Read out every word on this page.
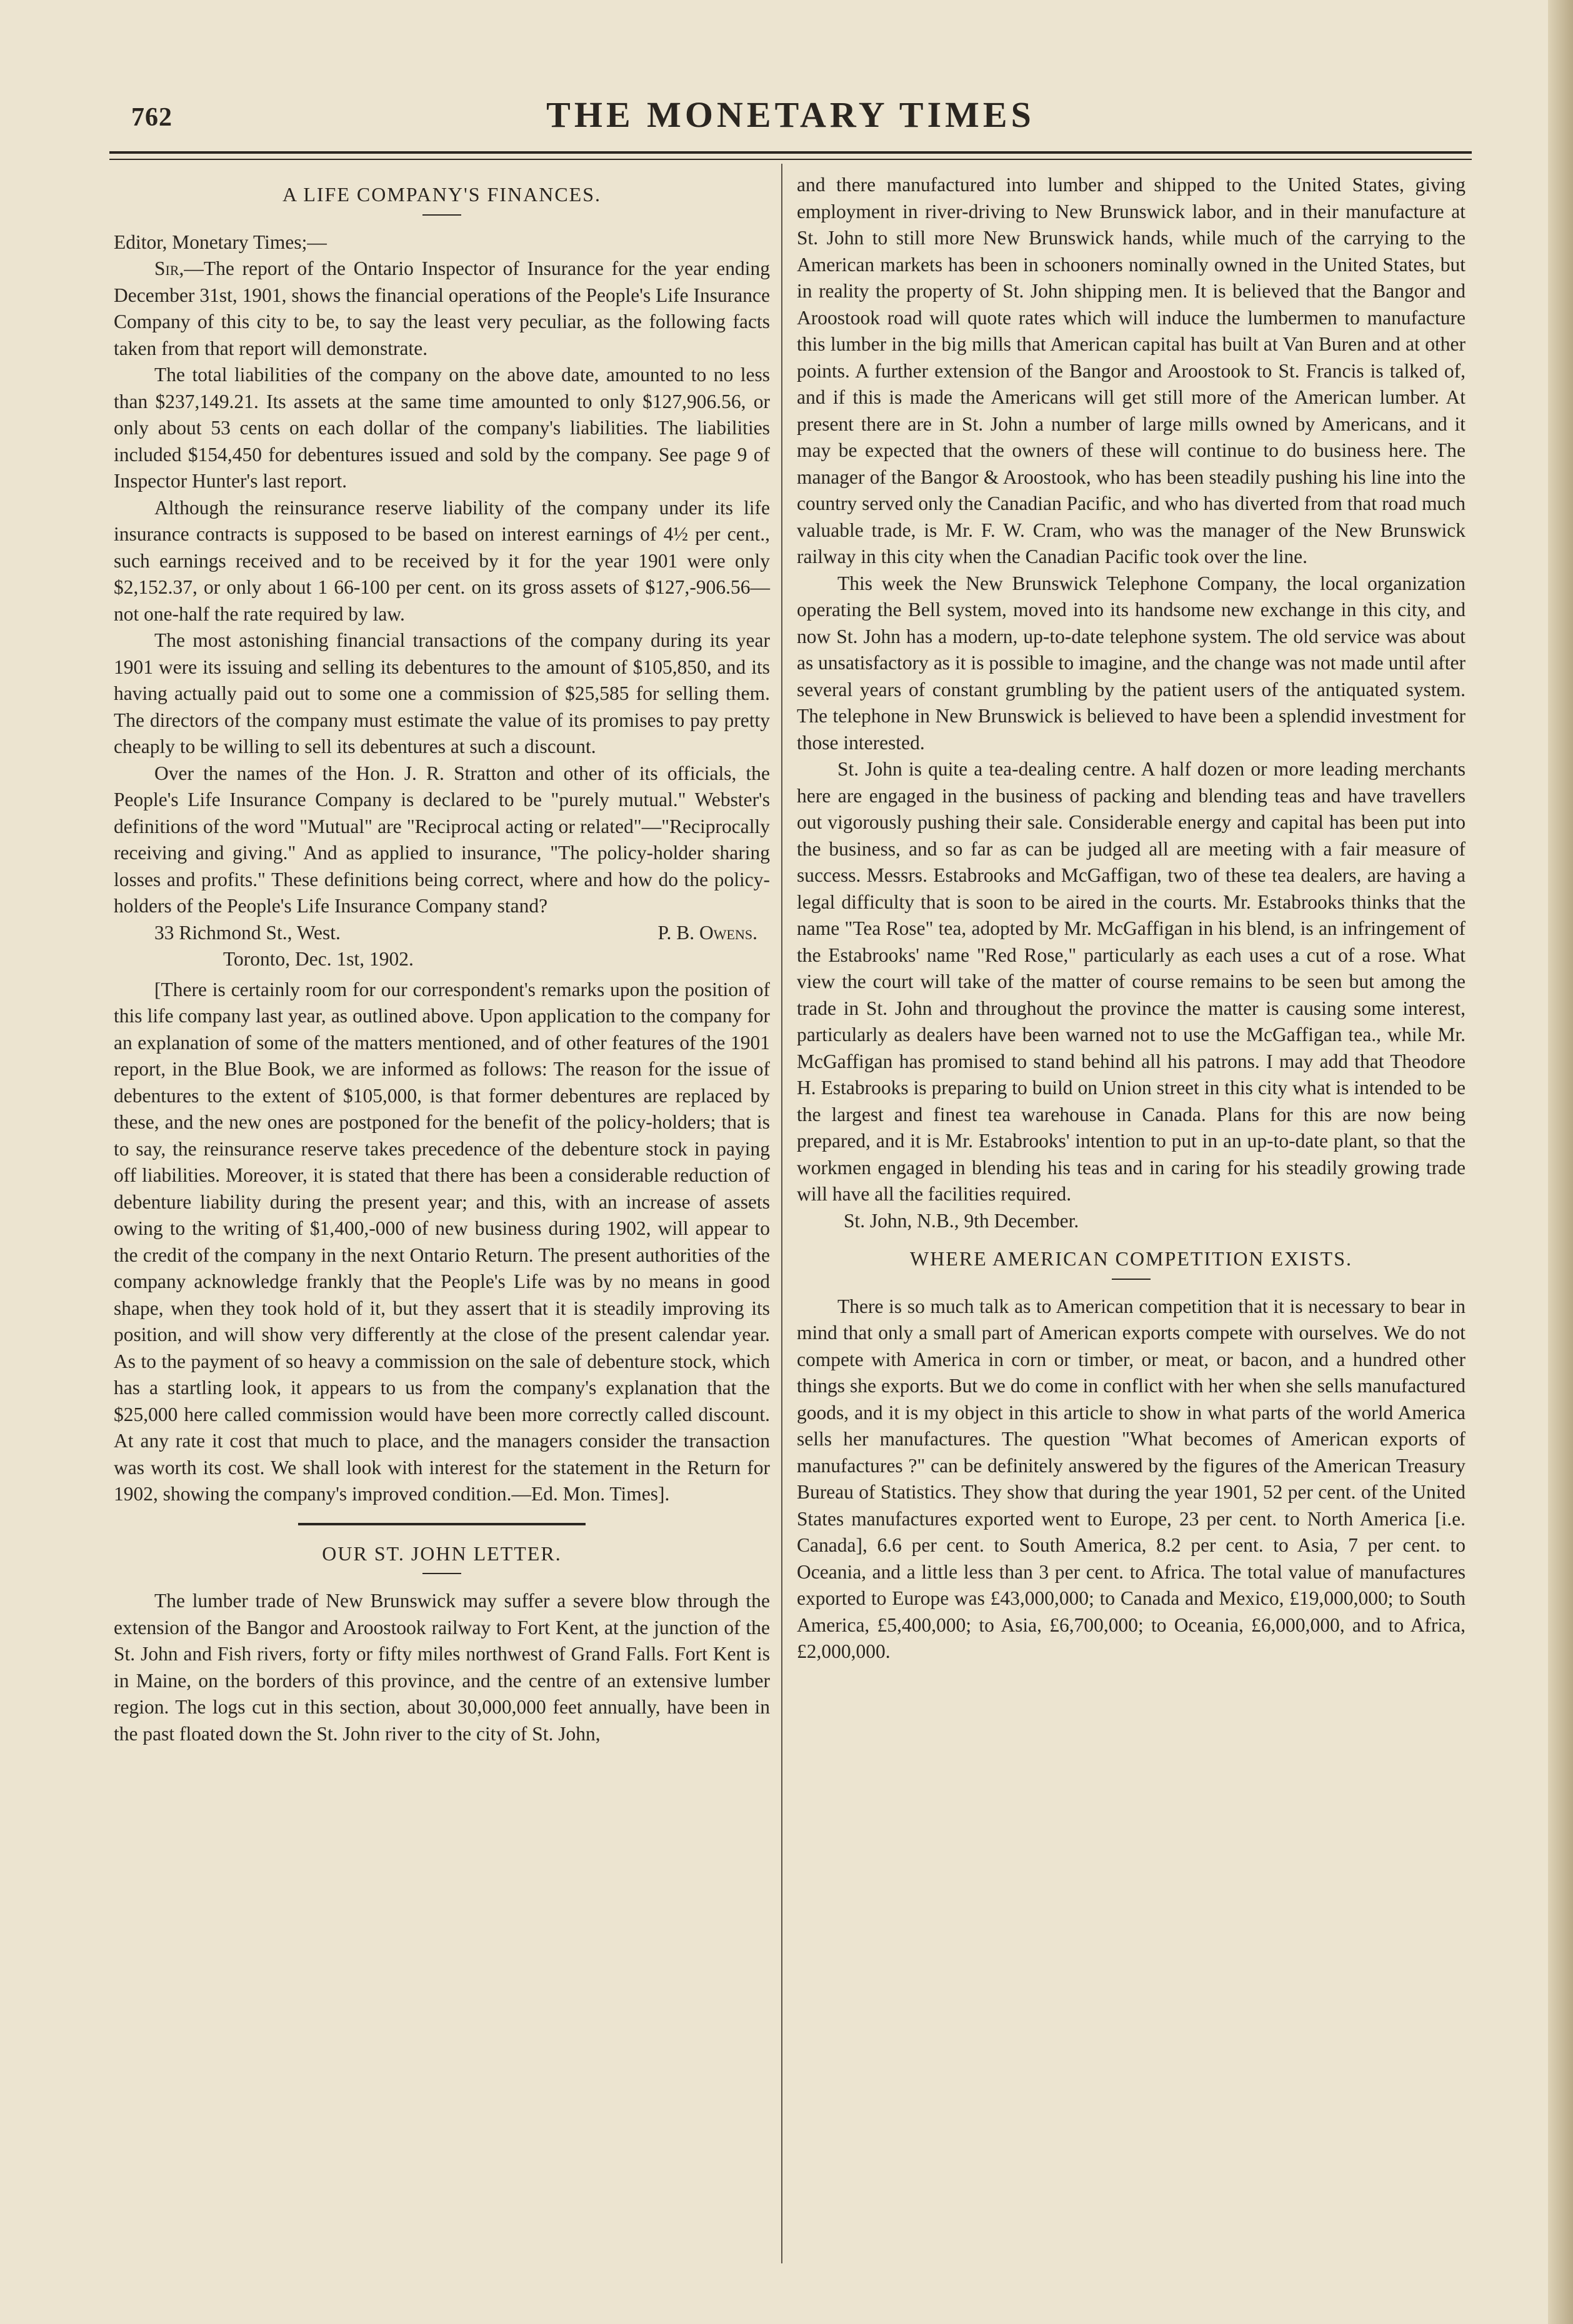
762	THE MONETARY TIMES
A LIFE COMPANY'S FINANCES.

Editor, Monetary Times;—

Sir,—The report of the Ontario Inspector of Insurance for the year ending December 31st, 1901, shows the financial operations of the People's Life Insurance Company of this city to be, to say the least very peculiar, as the following facts taken from that report will demonstrate.

The total liabilities of the company on the above date, amounted to no less than $237,149.21. Its assets at the same time amounted to only $127,906.56, or only about 53 cents on each dollar of the company's liabilities. The liabilities included $154,450 for debentures issued and sold by the company. See page 9 of Inspector Hunter's last report.

Although the reinsurance reserve liability of the company under its life insurance contracts is supposed to be based on interest earnings of 4½ per cent., such earnings received and to be received by it for the year 1901 were only $2,152.37, or only about 1 66-100 per cent. on its gross assets of $127,-906.56—not one-half the rate required by law.

The most astonishing financial transactions of the company during its year 1901 were its issuing and selling its debentures to the amount of $105,850, and its having actually paid out to some one a commission of $25,585 for selling them. The directors of the company must estimate the value of its promises to pay pretty cheaply to be willing to sell its debentures at such a discount.

Over the names of the Hon. J. R. Stratton and other of its officials, the People's Life Insurance Company is declared to be "purely mutual." Webster's definitions of the word "Mutual" are "Reciprocal acting or related"—"Reciprocally receiving and giving." And as applied to insurance, "The policy-holder sharing losses and profits." These definitions being correct, where and how do the policy-holders of the People's Life Insurance Company stand?

33 Richmond St., West.	P. B. Owens.

Toronto, Dec. 1st, 1902.

[There is certainly room for our correspondent's remarks upon the position of this life company last year, as outlined above. Upon application to the company for an explanation of some of the matters mentioned, and of other features of the 1901 report, in the Blue Book, we are informed as follows: The reason for the issue of debentures to the extent of $105,000, is that former debentures are replaced by these, and the new ones are postponed for the benefit of the policy-holders; that is to say, the reinsurance reserve takes precedence of the debenture stock in paying off liabilities. Moreover, it is stated that there has been a considerable reduction of debenture liability during the present year; and this, with an increase of assets owing to the writing of $1,400,-000 of new business during 1902, will appear to the credit of the company in the next Ontario Return. The present authorities of the company acknowledge frankly that the People's Life was by no means in good shape, when they took hold of it, but they assert that it is steadily improving its position, and will show very differently at the close of the present calendar year. As to the payment of so heavy a commission on the sale of debenture stock, which has a startling look, it appears to us from the company's explanation that the $25,000 here called commission would have been more correctly called discount. At any rate it cost that much to place, and the managers consider the transaction was worth its cost. We shall look with interest for the statement in the Return for 1902, showing the company's improved condition.—Ed. Mon. Times].

OUR ST. JOHN LETTER.

The lumber trade of New Brunswick may suffer a severe blow through the extension of the Bangor and Aroostook railway to Fort Kent, at the junction of the St. John and Fish rivers, forty or fifty miles northwest of Grand Falls. Fort Kent is in Maine, on the borders of this province, and the centre of an extensive lumber region. The logs cut in this section, about 30,000,000 feet annually, have been in the past floated down the St. John river to the city of St. John,

and there manufactured into lumber and shipped to the United States, giving employment in river-driving to New Brunswick labor, and in their manufacture at St. John to still more New Brunswick hands, while much of the carrying to the American markets has been in schooners nominally owned in the United States, but in reality the property of St. John shipping men. It is believed that the Bangor and Aroostook road will quote rates which will induce the lumbermen to manufacture this lumber in the big mills that American capital has built at Van Buren and at other points. A further extension of the Bangor and Aroostook to St. Francis is talked of, and if this is made the Americans will get still more of the American lumber. At present there are in St. John a number of large mills owned by Americans, and it may be expected that the owners of these will continue to do business here. The manager of the Bangor & Aroostook, who has been steadily pushing his line into the country served only the Canadian Pacific, and who has diverted from that road much valuable trade, is Mr. F. W. Cram, who was the manager of the New Brunswick railway in this city when the Canadian Pacific took over the line.

This week the New Brunswick Telephone Company, the local organization operating the Bell system, moved into its handsome new exchange in this city, and now St. John has a modern, up-to-date telephone system. The old service was about as unsatisfactory as it is possible to imagine, and the change was not made until after several years of constant grumbling by the patient users of the antiquated system. The telephone in New Brunswick is believed to have been a splendid investment for those interested.

St. John is quite a tea-dealing centre. A half dozen or more leading merchants here are engaged in the business of packing and blending teas and have travellers out vigorously pushing their sale. Considerable energy and capital has been put into the business, and so far as can be judged all are meeting with a fair measure of success. Messrs. Estabrooks and McGaffigan, two of these tea dealers, are having a legal difficulty that is soon to be aired in the courts. Mr. Estabrooks thinks that the name "Tea Rose" tea, adopted by Mr. McGaffigan in his blend, is an infringement of the Estabrooks' name "Red Rose," particularly as each uses a cut of a rose. What view the court will take of the matter of course remains to be seen but among the trade in St. John and throughout the province the matter is causing some interest, particularly as dealers have been warned not to use the McGaffigan tea., while Mr. McGaffigan has promised to stand behind all his patrons. I may add that Theodore H. Estabrooks is preparing to build on Union street in this city what is intended to be the largest and finest tea warehouse in Canada. Plans for this are now being prepared, and it is Mr. Estabrooks' intention to put in an up-to-date plant, so that the workmen engaged in blending his teas and in caring for his steadily growing trade will have all the facilities required.

St. John, N.B., 9th December.

WHERE AMERICAN COMPETITION EXISTS.

There is so much talk as to American competition that it is necessary to bear in mind that only a small part of American exports compete with ourselves. We do not compete with America in corn or timber, or meat, or bacon, and a hundred other things she exports. But we do come in conflict with her when she sells manufactured goods, and it is my object in this article to show in what parts of the world America sells her manufactures. The question "What becomes of American exports of manufactures ?" can be definitely answered by the figures of the American Treasury Bureau of Statistics. They show that during the year 1901, 52 per cent. of the United States manufactures exported went to Europe, 23 per cent. to North America [i.e. Canada], 6.6 per cent. to South America, 8.2 per cent. to Asia, 7 per cent. to Oceania, and a little less than 3 per cent. to Africa. The total value of manufactures exported to Europe was £43,000,000; to Canada and Mexico, £19,000,000; to South America, £5,400,000; to Asia, £6,700,000; to Oceania, £6,000,000, and to Africa, £2,000,000.
